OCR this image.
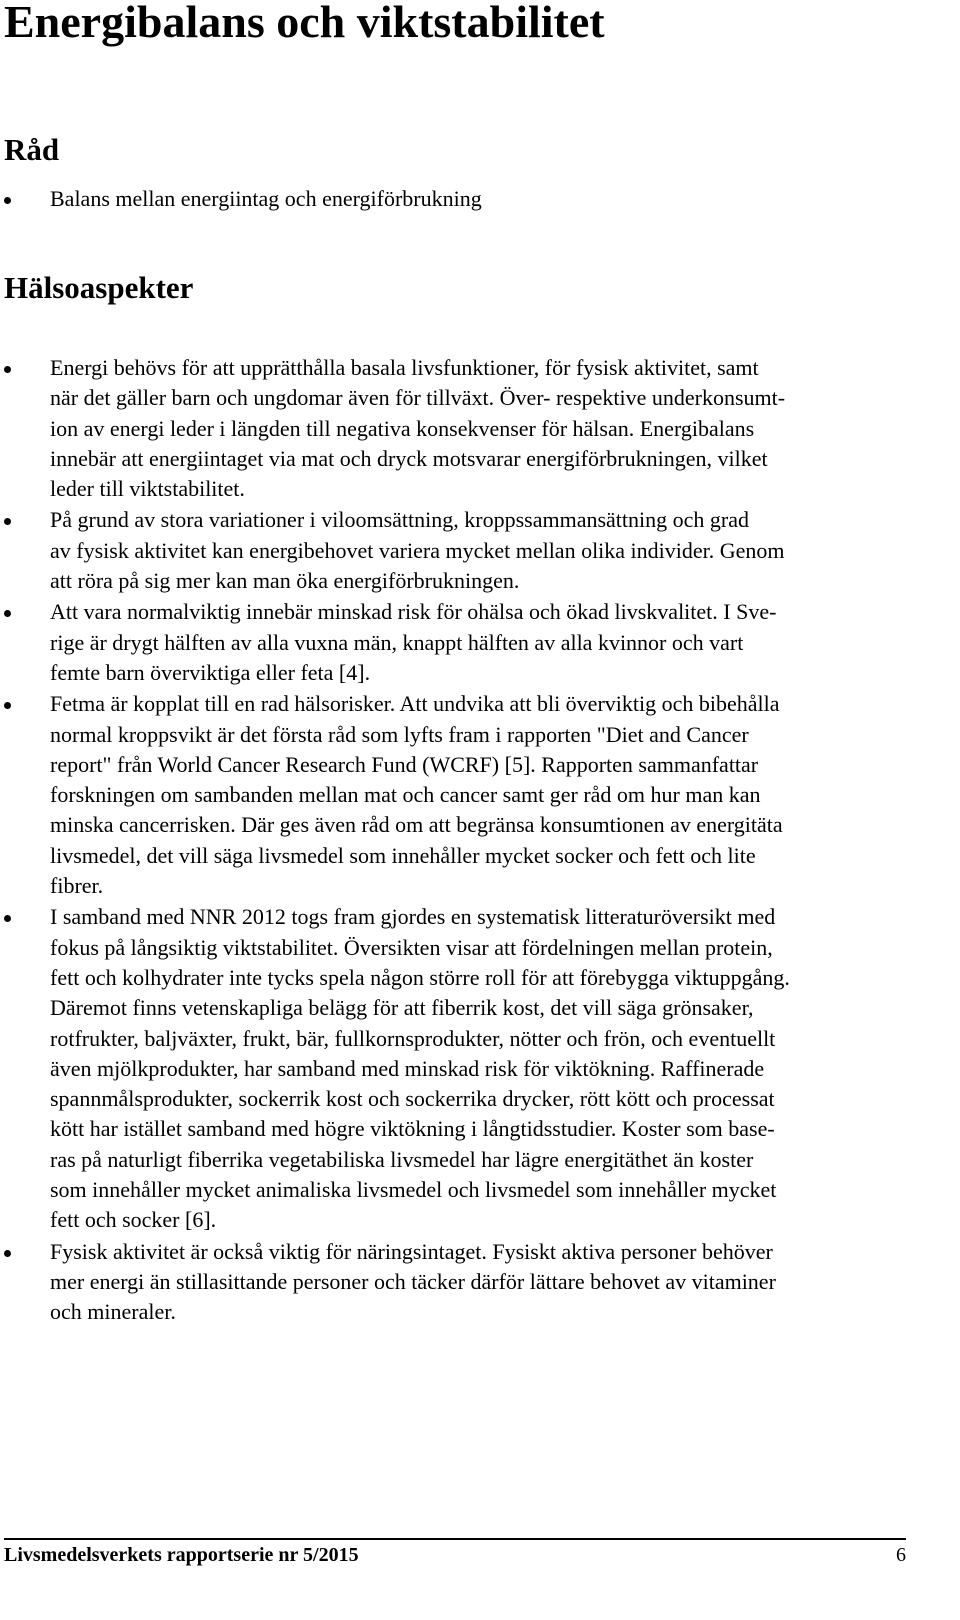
Energibalans och viktstabilitet
Råd
Balans mellan energiintag och energiförbrukning
Hälsoaspekter
Energi behövs för att upprätthålla basala livsfunktioner, för fysisk aktivitet, samt
när det gäller barn och ungdomar även för tillväxt. Över- respektive underkonsumt-
ion av energi leder i längden till negativa konsekvenser för hälsan. Energibalans
innebär att energiintaget via mat och dryck motsvarar energiförbrukningen, vilket
leder till viktstabilitet.
På grund av stora variationer i viloomsättning, kroppssammansättning och grad
av fysisk aktivitet kan energibehovet variera mycket mellan olika individer. Genom
att röra på sig mer kan man öka energiförbrukningen.
Att vara normalviktig innebär minskad risk för ohälsa och ökad livskvalitet. I Sve-
rige är drygt hälften av alla vuxna män, knappt hälften av alla kvinnor och vart
femte barn överviktiga eller feta [4].
Fetma är kopplat till en rad hälsorisker. Att undvika att bli överviktig och bibehålla
normal kroppsvikt är det första råd som lyfts fram i rapporten "Diet and Cancer
report" från World Cancer Research Fund (WCRF) [5]. Rapporten sammanfattar
forskningen om sambanden mellan mat och cancer samt ger råd om hur man kan
minska cancerrisken. Där ges även råd om att begränsa konsumtionen av energitäta
livsmedel, det vill säga livsmedel som innehåller mycket socker och fett och lite
fibrer.
I samband med NNR 2012 togs fram gjordes en systematisk litteraturöversikt med
fokus på långsiktig viktstabilitet. Översikten visar att fördelningen mellan protein,
fett och kolhydrater inte tycks spela någon större roll för att förebygga viktuppgång.
Däremot finns vetenskapliga belägg för att fiberrik kost, det vill säga grönsaker,
rotfrukter, baljväxter, frukt, bär, fullkornsprodukter, nötter och frön, och eventuellt
även mjölkprodukter, har samband med minskad risk för viktökning. Raffinerade
spannmålsprodukter, sockerrik kost och sockerrika drycker, rött kött och processat
kött har istället samband med högre viktökning i långtidsstudier. Koster som base-
ras på naturligt fiberrika vegetabiliska livsmedel har lägre energitäthet än koster
som innehåller mycket animaliska livsmedel och livsmedel som innehåller mycket
fett och socker [6].
Fysisk aktivitet är också viktig för näringsintaget. Fysiskt aktiva personer behöver
mer energi än stillasittande personer och täcker därför lättare behovet av vitaminer
och mineraler.
Livsmedelsverkets rapportserie nr 5/2015	6
